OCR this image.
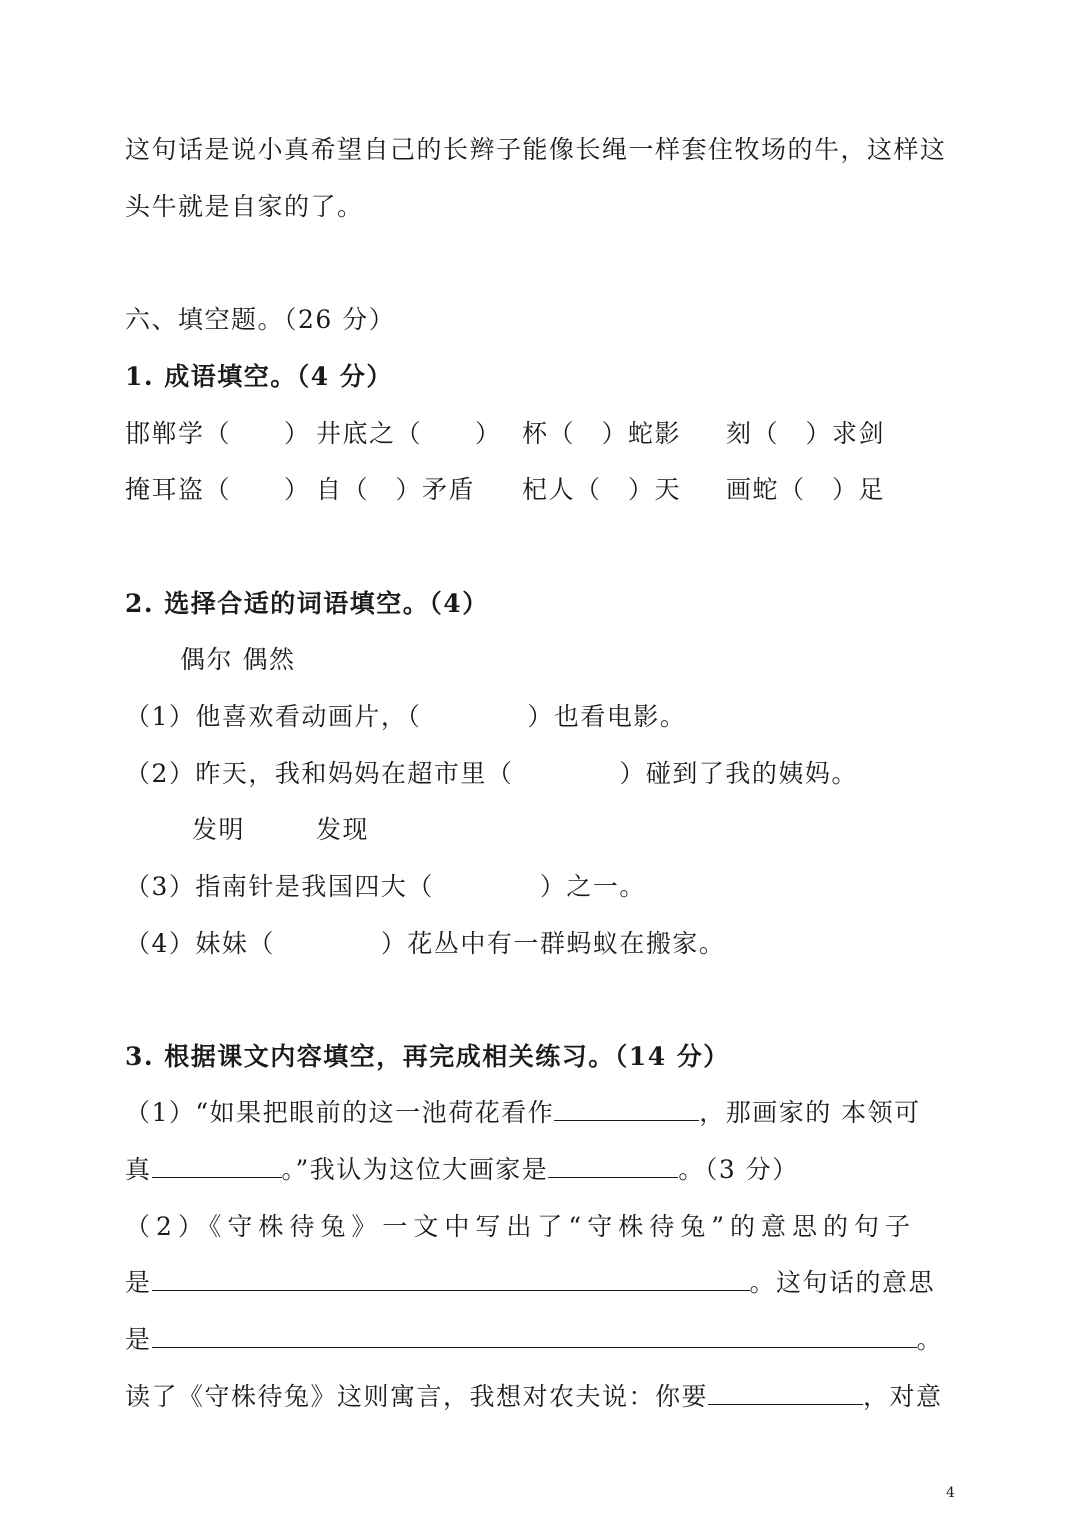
这句话是说小真希望自己的长辫子能像长绳一样套住牧场的牛，这样这
头牛就是自家的了。
六、填空题。（26 分）
1. 成语填空。（4 分）
邯郸学（　　） 井底之（　　） 杯（　）蛇影 刻（　）求剑
掩耳盗（　　） 自（　）矛盾 杞人（　）天 画蛇（　）足
2. 选择合适的词语填空。（4）
偶尔 偶然
（1）他喜欢看动画片，（　　　　）也看电影。
（2）昨天，我和妈妈在超市里（　　　　）碰到了我的姨妈。
发明	发现
（3）指南针是我国四大（　　　　）之一。
（4）妹妹（　　　　）花丛中有一群蚂蚁在搬家。
3. 根据课文内容填空，再完成相关练习。（14 分）
（1）“如果把眼前的这一池荷花看作	，那画家的 本领可
真	。”我认为这位大画家是	。（3 分）
（2）《守株待兔》一文中写出了“守株待兔”的意思的句子
是	。这句话的意思
是	。
读了《守株待兔》这则寓言，我想对农夫说：你要	，对意
4
